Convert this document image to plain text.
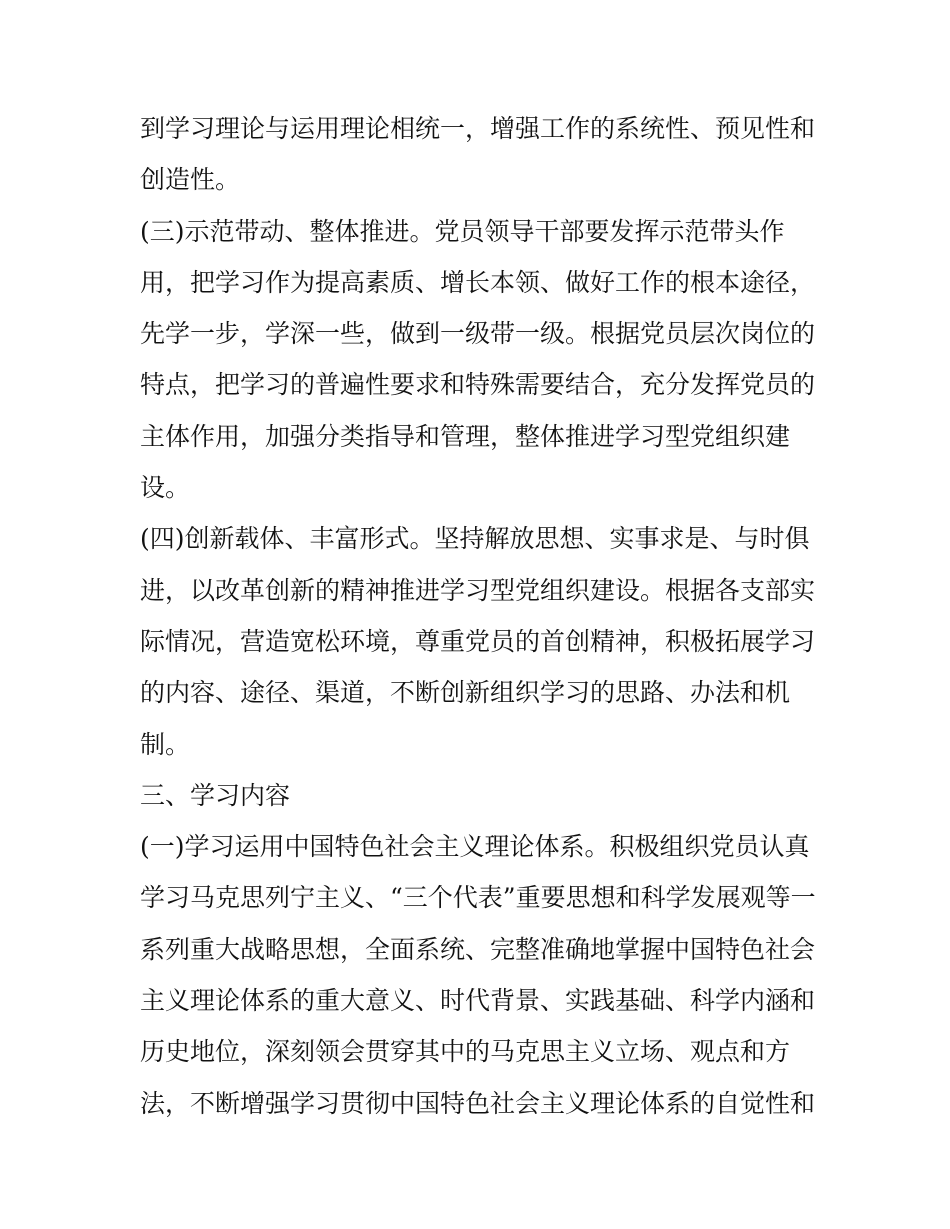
到学习理论与运用理论相统一，增强工作的系统性、预见性和
创造性。
(三)示范带动、整体推进。党员领导干部要发挥示范带头作
用，把学习作为提高素质、增长本领、做好工作的根本途径，
先学一步，学深一些，做到一级带一级。根据党员层次岗位的
特点，把学习的普遍性要求和特殊需要结合，充分发挥党员的
主体作用，加强分类指导和管理，整体推进学习型党组织建
设。
(四)创新载体、丰富形式。坚持解放思想、实事求是、与时俱
进，以改革创新的精神推进学习型党组织建设。根据各支部实
际情况，营造宽松环境，尊重党员的首创精神，积极拓展学习
的内容、途径、渠道，不断创新组织学习的思路、办法和机
制。
三、学习内容
(一)学习运用中国特色社会主义理论体系。积极组织党员认真
学习马克思列宁主义、“三个代表”重要思想和科学发展观等一
系列重大战略思想，全面系统、完整准确地掌握中国特色社会
主义理论体系的重大意义、时代背景、实践基础、科学内涵和
历史地位，深刻领会贯穿其中的马克思主义立场、观点和方
法，不断增强学习贯彻中国特色社会主义理论体系的自觉性和
